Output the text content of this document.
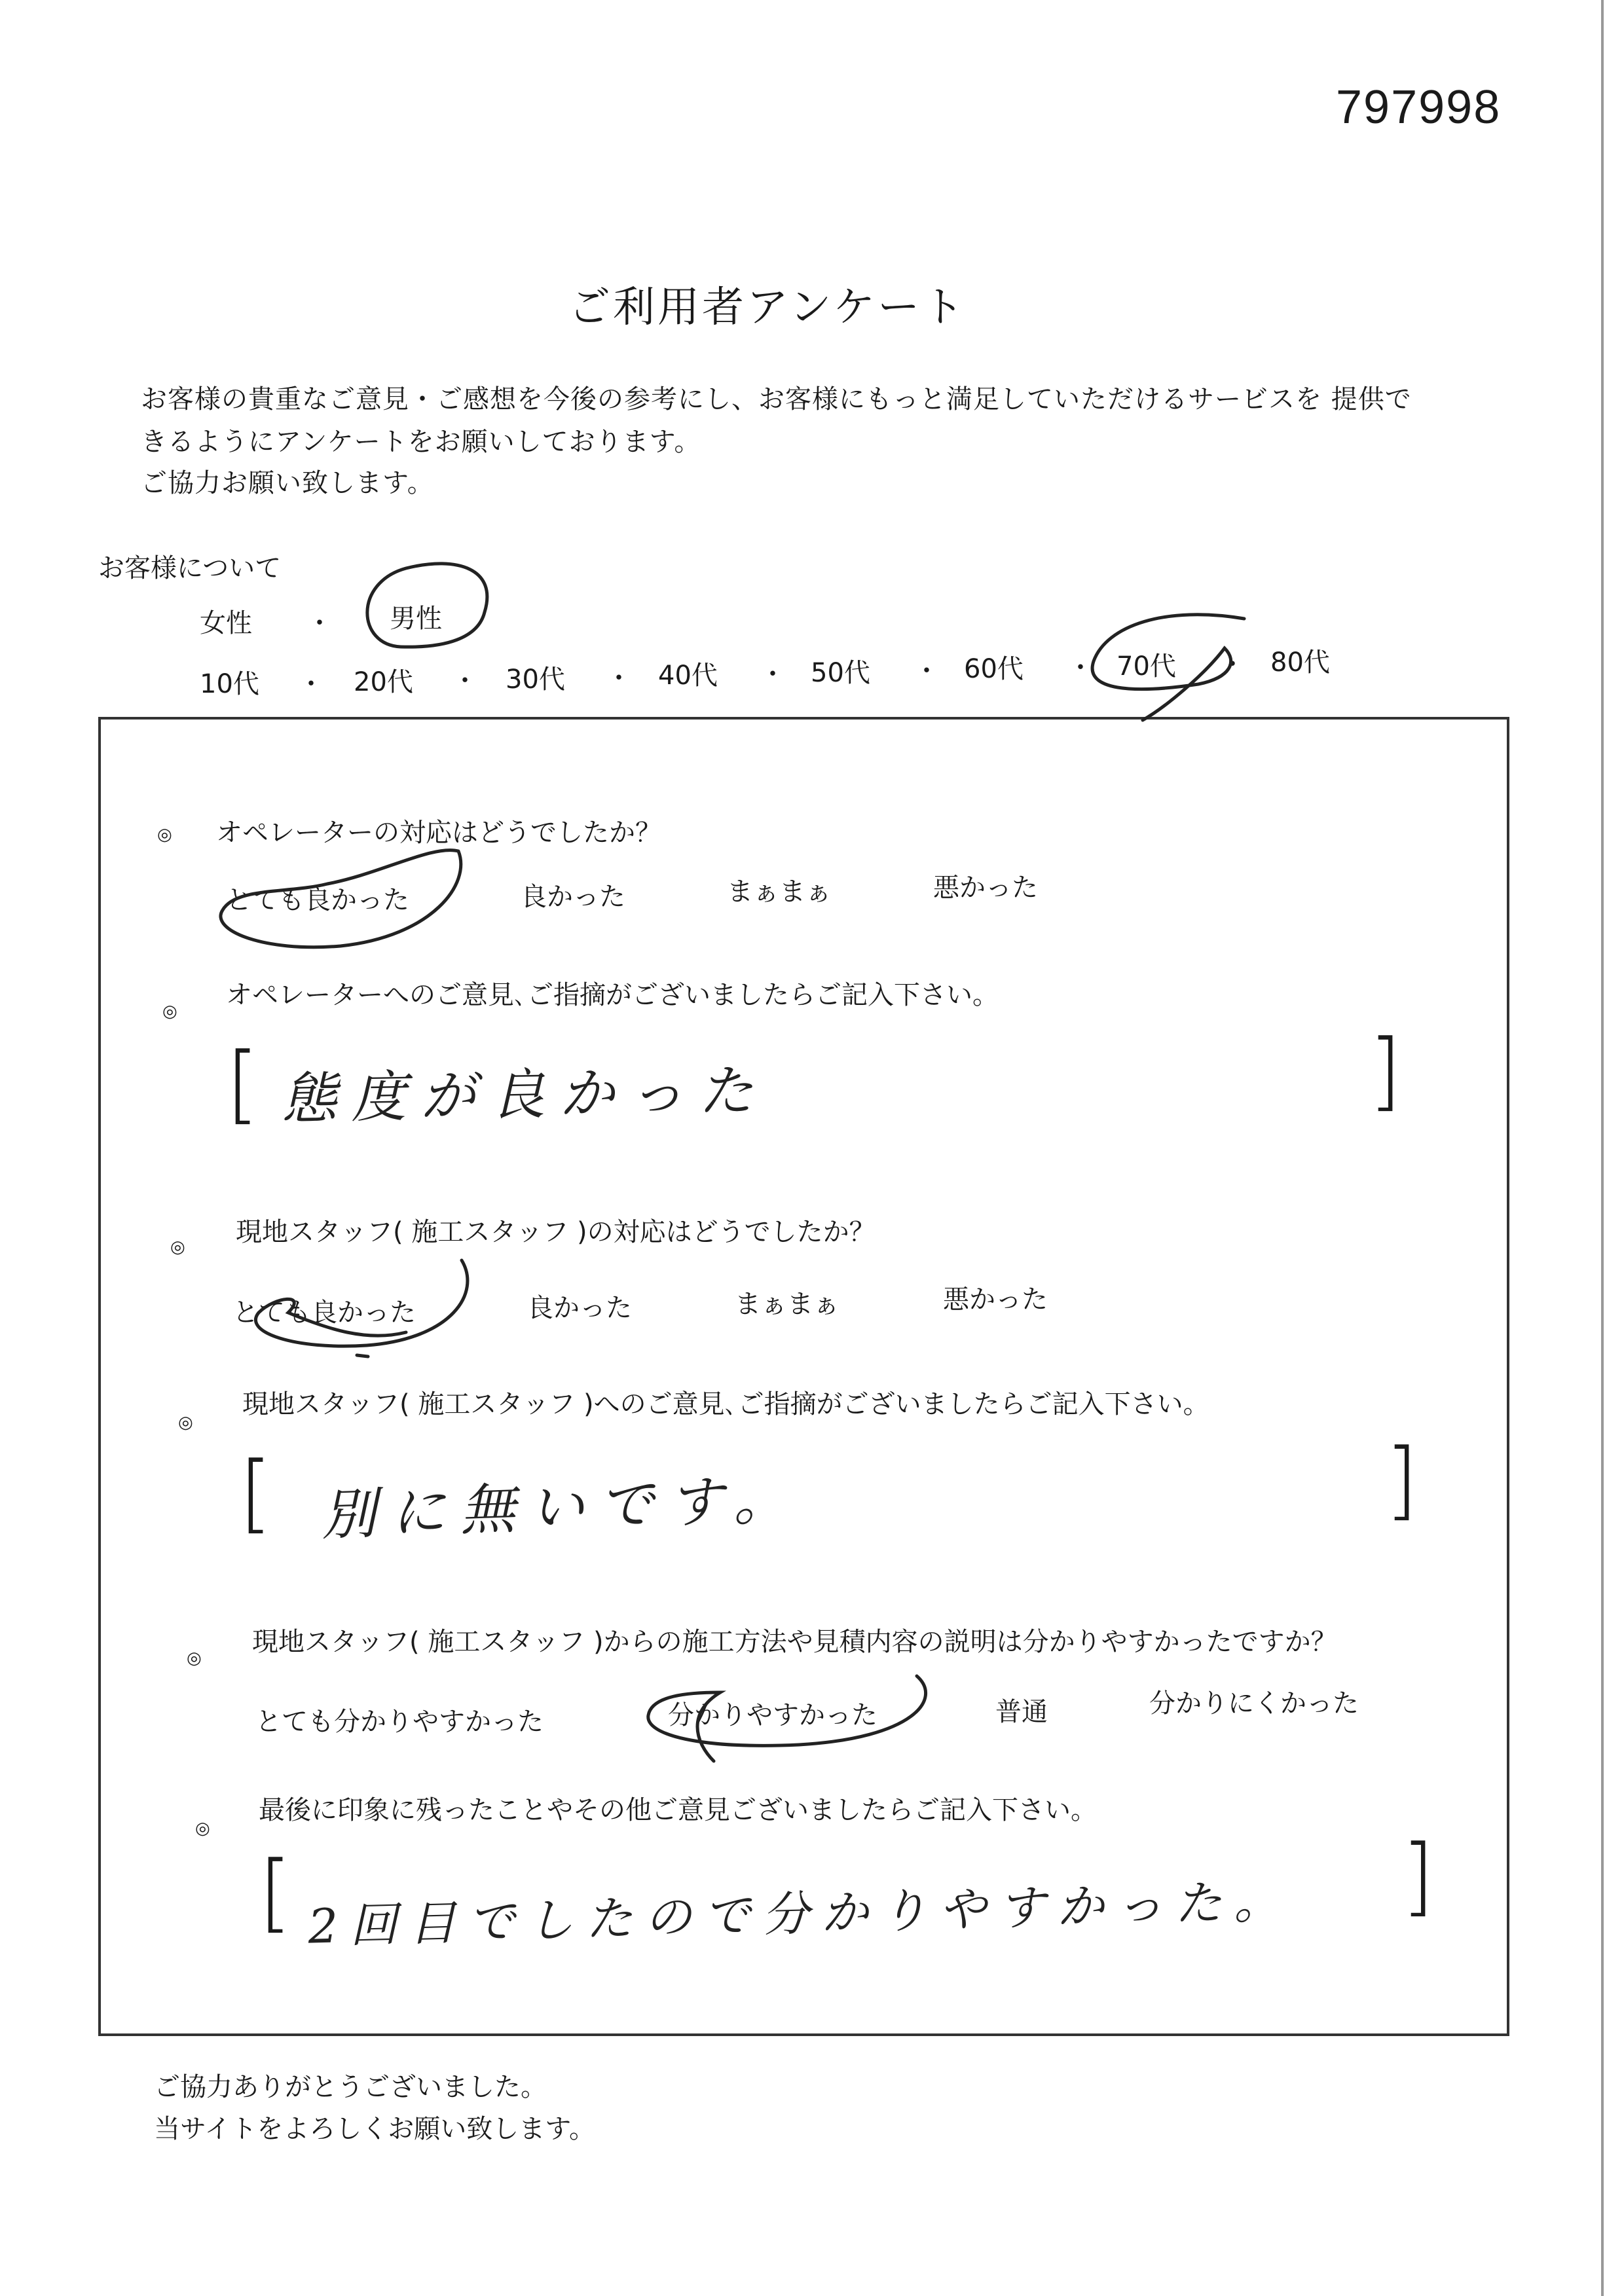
797998
ご利用者アンケート
お客様の貴重なご意見・ご感想を今後の参考にし、お客様にもっと満足していただけるサービスを 提供で
きるようにアンケートをお願いしております。
ご協力お願い致します。
お客様について
女性 ・ 男性
10代 ・ 20代 ・ 30代 ・ 40代 ・ 50代 ・ 60代 ・ 70代 ・ 80代
◎ オペレーターの対応はどうでしたか？
とても良かった	良かった	まぁまぁ	悪かった
◎
オペレーターへのご意見､ご指摘がございましたらご記入下さい。
[	]
態度が良かった
◎ 現地スタッフ( 施工スタッフ )の対応はどうでしたか？
とても良かった	良かった	まぁまぁ	悪かった
◎
現地スタッフ( 施工スタッフ )へのご意見､ご指摘がございましたらご記入下さい。
[	]
別に無いです。
◎
現地スタッフ( 施工スタッフ )からの施工方法や見積内容の説明は分かりやすかったですか？
とても分かりやすかった	分かりやすかった	普通	分かりにくかった
◎
最後に印象に残ったことやその他ご意見ございましたらご記入下さい。
[	]
2回目でしたので分かりやすかった。
ご協力ありがとうございました。
当サイトをよろしくお願い致します。
